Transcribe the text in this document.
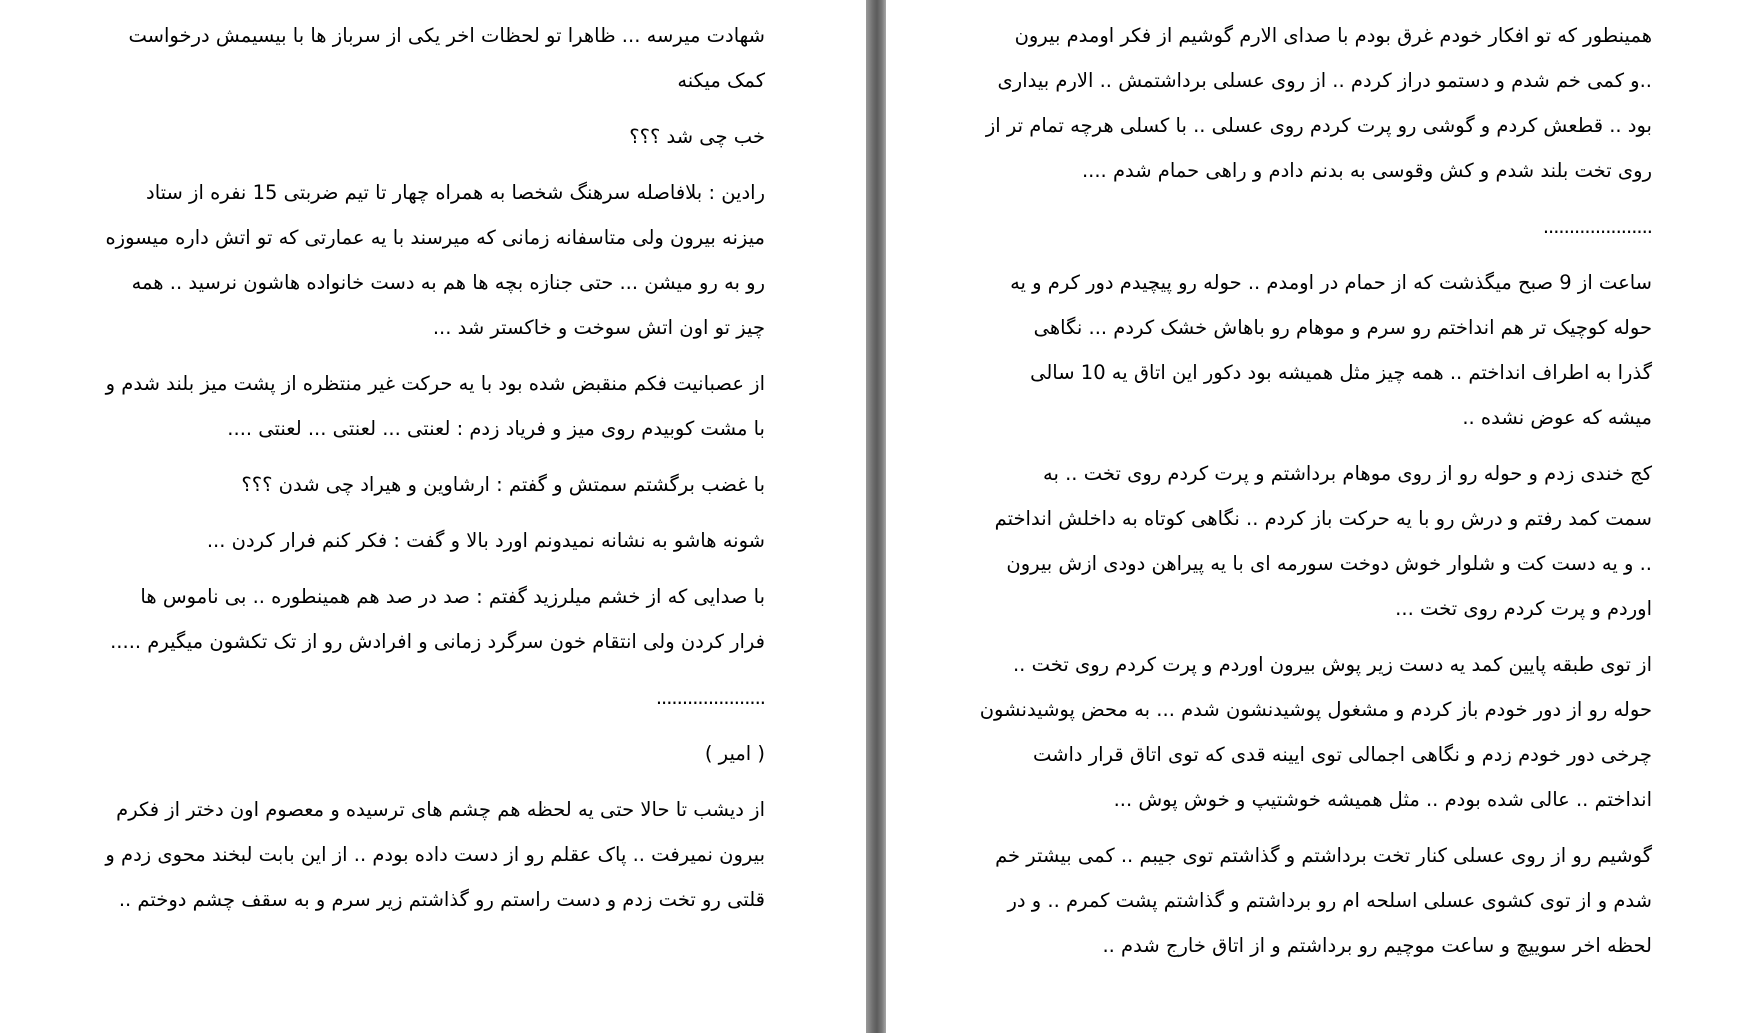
شهادت میرسه ... ظاهرا تو لحظات اخر یکی از سرباز ها با بیسیمش درخواست
کمک میکنه

خب چی شد ؟؟؟

رادین : بلافاصله سرهنگ شخصا به همراه چهار تا تیم ضربتی 15 نفره از ستاد
میزنه بیرون ولی متاسفانه زمانی که میرسند با یه عمارتی که تو اتش داره میسوزه
رو به رو میشن ... حتی جنازه بچه ها هم به دست خانواده هاشون نرسید .. همه
چیز تو اون اتش سوخت و خاکستر شد ...

از عصبانیت فکم منقبض شده بود با یه حرکت غیر منتظره از پشت میز بلند شدم و
با مشت کوبیدم روی میز و فریاد زدم : لعنتی ... لعنتی ... لعنتی ....

با غضب برگشتم سمتش و گفتم : ارشاوین و هیراد چی شدن ؟؟؟

شونه هاشو به نشانه نمیدونم اورد بالا و گفت : فکر کنم فرار کردن ...

با صدایی که از خشم میلرزید گفتم : صد در صد هم همینطوره .. بی ناموس ها
فرار کردن ولی انتقام خون سرگرد زمانی و افرادش رو از تک تکشون میگیرم .....

.....................

( امیر )

از دیشب تا حالا حتی یه لحظه هم چشم های ترسیده و معصوم اون دختر از فکرم
بیرون نمیرفت .. پاک عقلم رو از دست داده بودم .. از این بابت لبخند محوی زدم و
قلتی رو تخت زدم و دست راستم رو گذاشتم زیر سرم و به سقف چشم دوختم ..

همینطور که تو افکار خودم غرق بودم با صدای الارم گوشیم از فکر اومدم بیرون
..و کمی خم شدم و دستمو دراز کردم .. از روی عسلی برداشتمش .. الارم بیداری
بود .. قطعش کردم و گوشی رو پرت کردم روی عسلی .. با کسلی هرچه تمام تر از
روی تخت بلند شدم و کش وقوسی به بدنم دادم و راهی حمام شدم ....

.....................

ساعت از 9 صبح میگذشت که از حمام در اومدم .. حوله رو پیچیدم دور کرم و یه
حوله کوچیک تر هم انداختم رو سرم و موهام رو باهاش خشک کردم ... نگاهی
گذرا به اطراف انداختم .. همه چیز مثل همیشه بود دکور این اتاق یه 10 سالی
میشه که عوض نشده ..

کج خندی زدم و حوله رو از روی موهام برداشتم و پرت کردم روی تخت .. به
سمت کمد رفتم و درش رو با یه حرکت باز کردم .. نگاهی کوتاه به داخلش انداختم
.. و یه دست کت و شلوار خوش دوخت سورمه ای با یه پیراهن دودی ازش بیرون
اوردم و پرت کردم روی تخت ...

از توی طبقه پایین کمد یه دست زیر پوش بیرون اوردم و پرت کردم روی تخت ..
حوله رو از دور خودم باز کردم و مشغول پوشیدنشون شدم ... به محض پوشیدنشون
چرخی دور خودم زدم و نگاهی اجمالی توی ایینه قدی که توی اتاق قرار داشت
انداختم .. عالی شده بودم .. مثل همیشه خوشتیپ و خوش پوش ...

گوشیم رو از روی عسلی کنار تخت برداشتم و گذاشتم توی جیبم .. کمی بیشتر خم
شدم و از توی کشوی عسلی اسلحه ام رو برداشتم و گذاشتم پشت کمرم .. و در
لحظه اخر سوییچ و ساعت موچیم رو برداشتم و از اتاق خارج شدم ..
